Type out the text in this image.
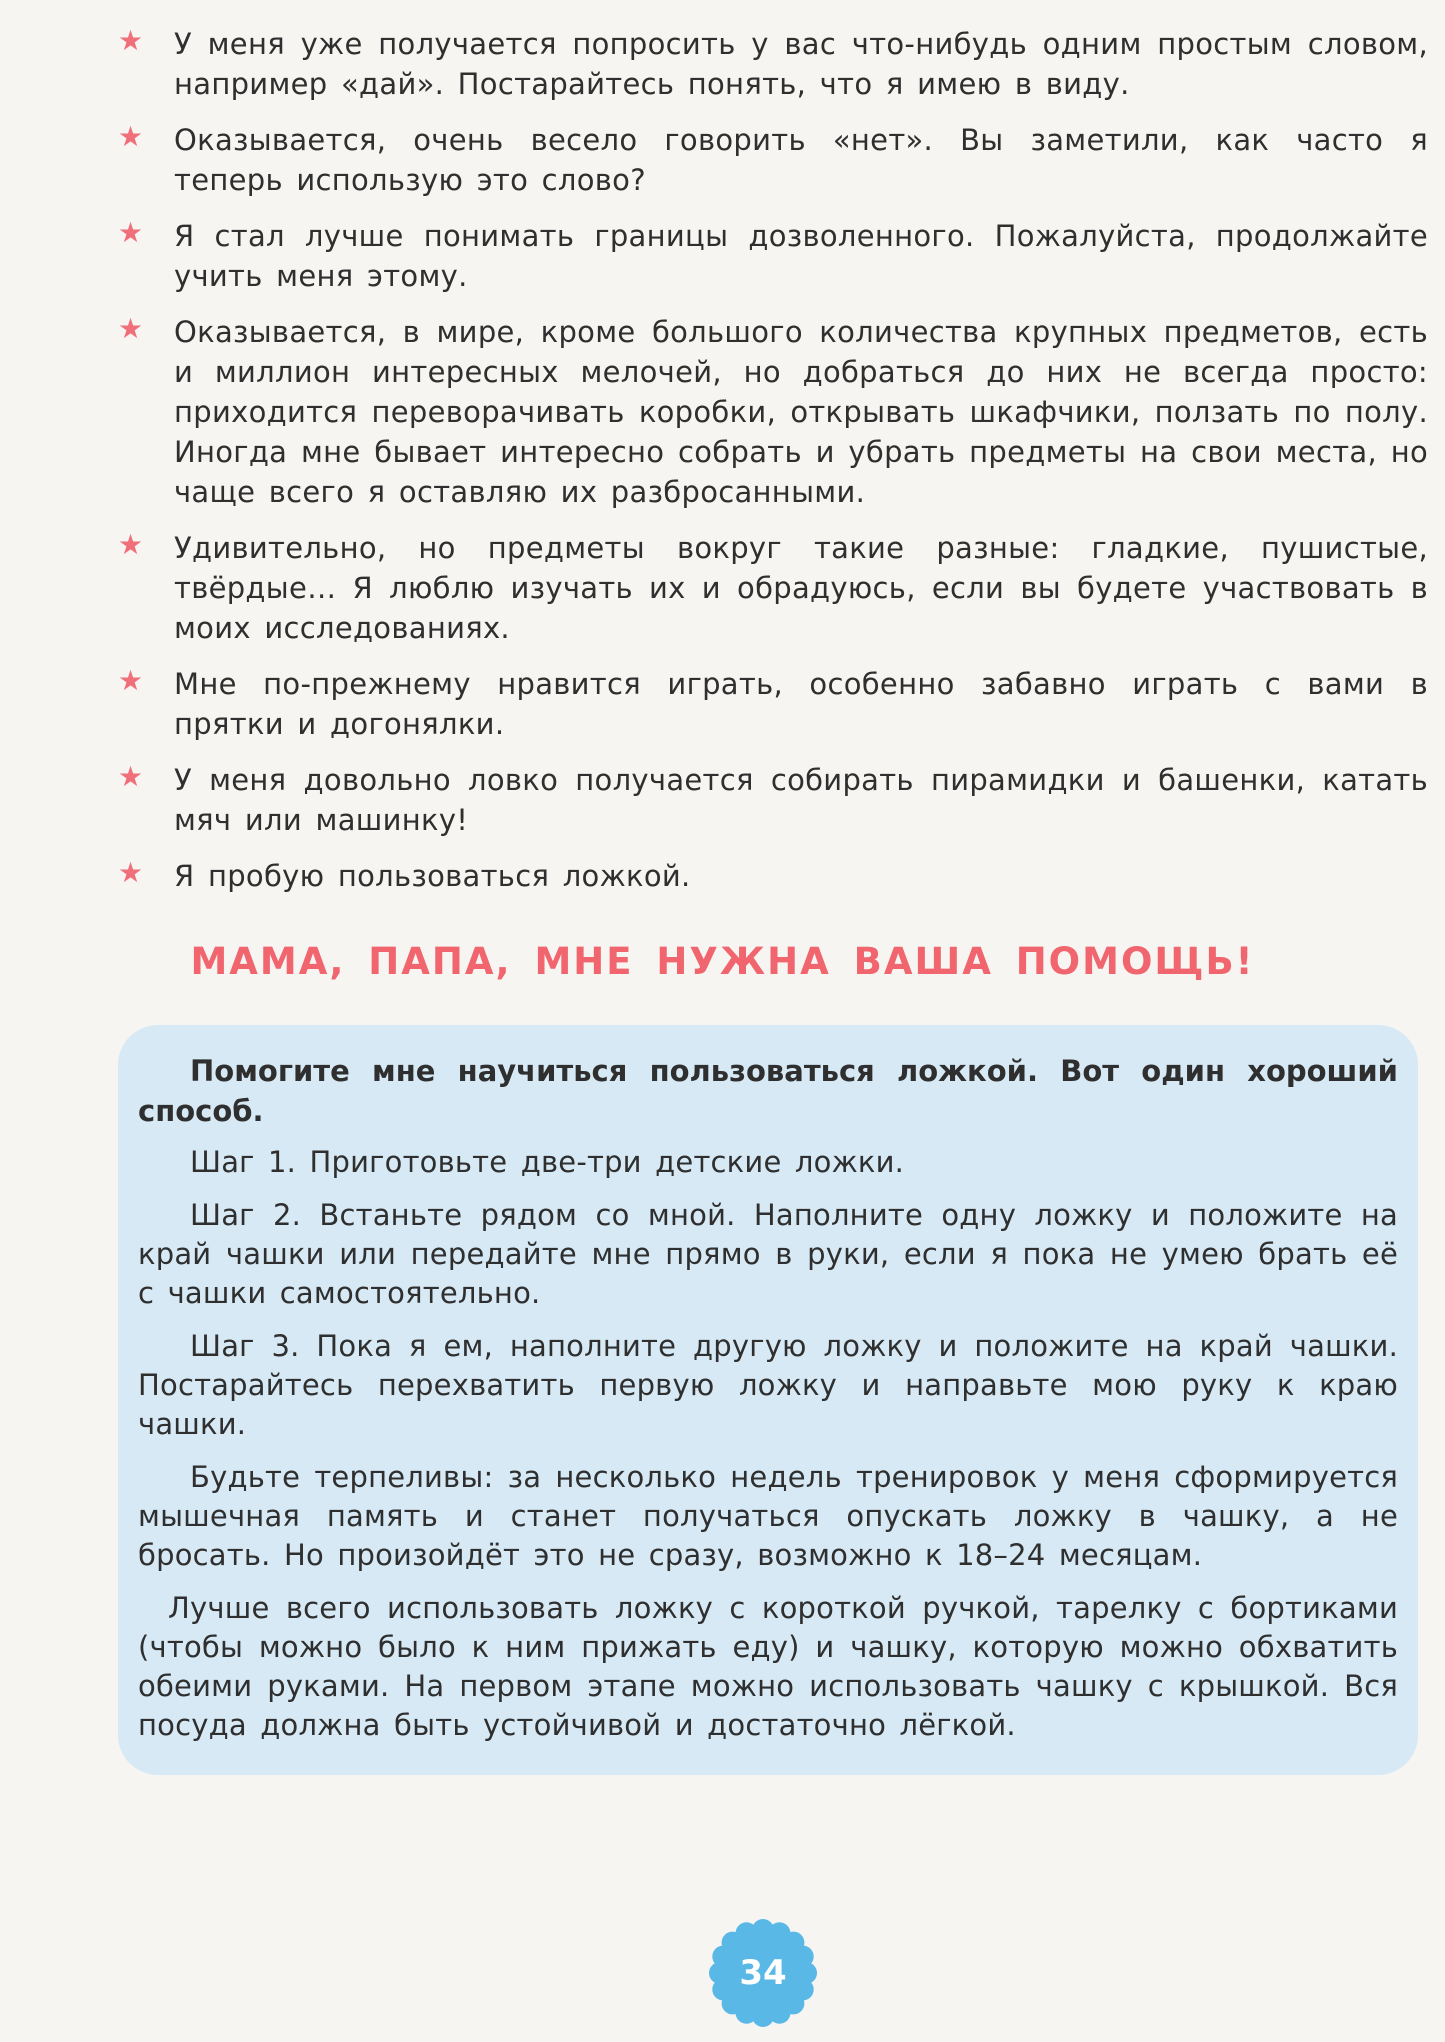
★ У меня уже получается попросить у вас что-нибудь одним простым словом, например «дай». Постарайтесь понять, что я имею в виду.
★ Оказывается, очень весело говорить «нет». Вы заметили, как часто я теперь использую это слово?
★ Я стал лучше понимать границы дозволенного. Пожалуйста, продолжайте учить меня этому.
★ Оказывается, в мире, кроме большого количества крупных предметов, есть и миллион интересных мелочей, но добраться до них не всегда просто: приходится переворачивать коробки, открывать шкафчики, ползать по полу. Иногда мне бывает интересно собрать и убрать предметы на свои места, но чаще всего я оставляю их разбросанными.
★ Удивительно, но предметы вокруг такие разные: гладкие, пушистые, твёрдые… Я люблю изучать их и обрадуюсь, если вы будете участвовать в моих исследованиях.
★ Мне по-прежнему нравится играть, особенно забавно играть с вами в прятки и догонялки.
★ У меня довольно ловко получается собирать пирамидки и башенки, катать мяч или машинку!
★ Я пробую пользоваться ложкой.
МАМА, ПАПА, МНЕ НУЖНА ВАША ПОМОЩЬ!

Помогите мне научиться пользоваться ложкой. Вот один хороший способ.

Шаг 1. Приготовьте две-три детские ложки.

Шаг 2. Встаньте рядом со мной. Наполните одну ложку и положите на край чашки или передайте мне прямо в руки, если я пока не умею брать её с чашки самостоятельно.

Шаг 3. Пока я ем, наполните другую ложку и положите на край чашки. Постарайтесь перехватить первую ложку и направьте мою руку к краю чашки.

Будьте терпеливы: за несколько недель тренировок у меня сформируется мышечная память и станет получаться опускать ложку в чашку, а не бросать. Но произойдёт это не сразу, возможно к 18–24 месяцам.

Лучше всего использовать ложку с короткой ручкой, тарелку с бортиками (чтобы можно было к ним прижать еду) и чашку, которую можно обхватить обеими руками. На первом этапе можно использовать чашку с крышкой. Вся посуда должна быть устойчивой и достаточно лёгкой.

34
